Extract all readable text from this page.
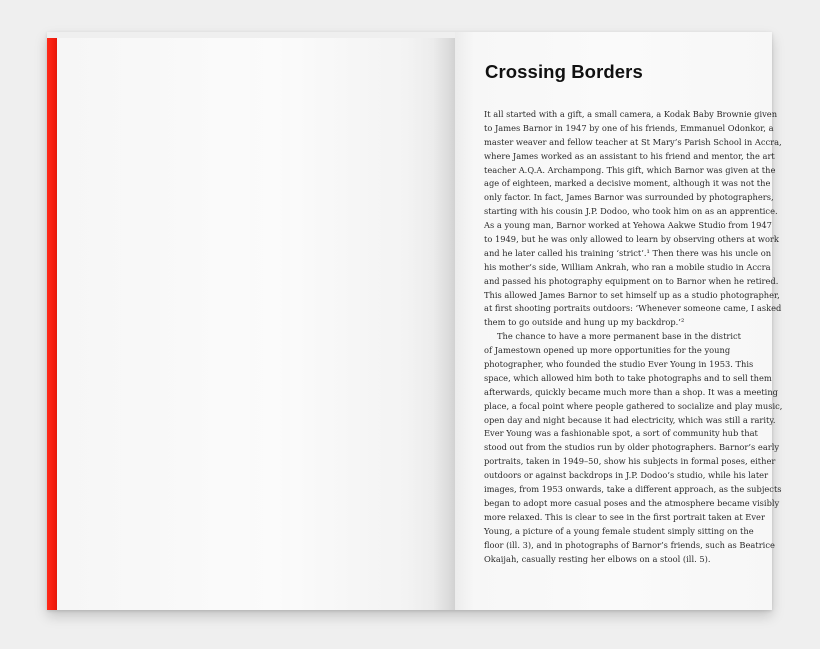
Crossing Borders
It all started with a gift, a small camera, a Kodak Baby Brownie given
to James Barnor in 1947 by one of his friends, Emmanuel Odonkor, a
master weaver and fellow teacher at St Mary’s Parish School in Accra,
where James worked as an assistant to his friend and mentor, the art
teacher A.Q.A. Archampong. This gift, which Barnor was given at the
age of eighteen, marked a decisive moment, although it was not the
only factor. In fact, James Barnor was surrounded by photographers,
starting with his cousin J.P. Dodoo, who took him on as an apprentice.
As a young man, Barnor worked at Yehowa Aakwe Studio from 1947
to 1949, but he was only allowed to learn by observing others at work
and he later called his training ‘strict’.¹ Then there was his uncle on
his mother’s side, William Ankrah, who ran a mobile studio in Accra
and passed his photography equipment on to Barnor when he retired.
This allowed James Barnor to set himself up as a studio photographer,
at first shooting portraits outdoors: ‘Whenever someone came, I asked
them to go outside and hung up my backdrop.’²
The chance to have a more permanent base in the district
of Jamestown opened up more opportunities for the young
photographer, who founded the studio Ever Young in 1953. This
space, which allowed him both to take photographs and to sell them
afterwards, quickly became much more than a shop. It was a meeting
place, a focal point where people gathered to socialize and play music,
open day and night because it had electricity, which was still a rarity.
Ever Young was a fashionable spot, a sort of community hub that
stood out from the studios run by older photographers. Barnor’s early
portraits, taken in 1949–50, show his subjects in formal poses, either
outdoors or against backdrops in J.P. Dodoo’s studio, while his later
images, from 1953 onwards, take a different approach, as the subjects
began to adopt more casual poses and the atmosphere became visibly
more relaxed. This is clear to see in the first portrait taken at Ever
Young, a picture of a young female student simply sitting on the
floor (ill. 3), and in photographs of Barnor’s friends, such as Beatrice
Okaijah, casually resting her elbows on a stool (ill. 5).
